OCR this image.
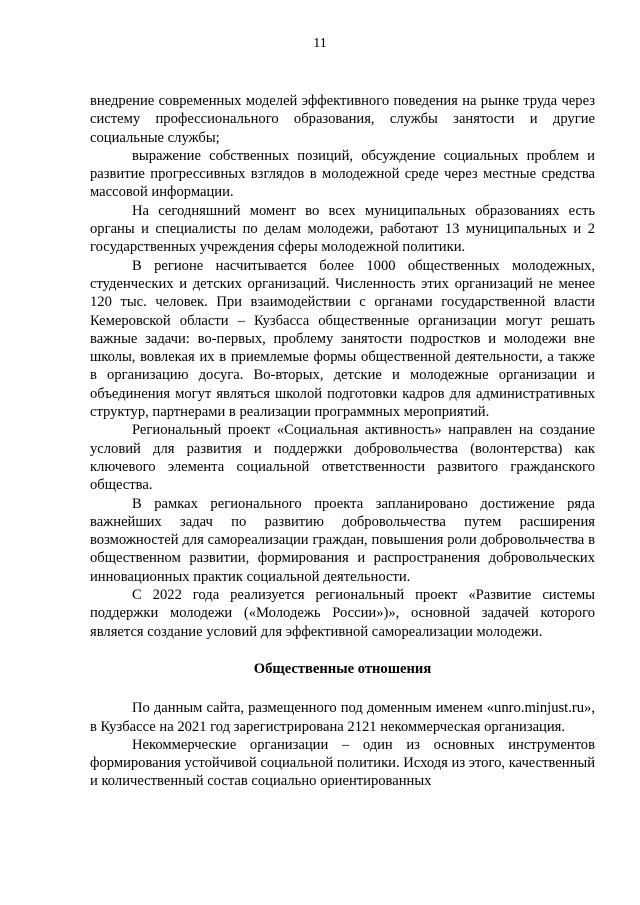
11

внедрение современных моделей эффективного поведения на рынке труда через систему профессионального образования, службы занятости и другие социальные службы;

выражение собственных позиций, обсуждение социальных проблем и развитие прогрессивных взглядов в молодежной среде через местные средства массовой информации.

На сегодняшний момент во всех муниципальных образованиях есть органы и специалисты по делам молодежи, работают 13 муниципальных и 2 государственных учреждения сферы молодежной политики.

В регионе насчитывается более 1000 общественных молодежных, студенческих и детских организаций. Численность этих организаций не менее 120 тыс. человек. При взаимодействии с органами государственной власти Кемеровской области – Кузбасса общественные организации могут решать важные задачи: во-первых, проблему занятости подростков и молодежи вне школы, вовлекая их в приемлемые формы общественной деятельности, а также в организацию досуга. Во-вторых, детские и молодежные организации и объединения могут являться школой подготовки кадров для административных структур, партнерами в реализации программных мероприятий.

Региональный проект «Социальная активность» направлен на создание условий для развития и поддержки добровольчества (волонтерства) как ключевого элемента социальной ответственности развитого гражданского общества.

В рамках регионального проекта запланировано достижение ряда важнейших задач по развитию добровольчества путем расширения возможностей для самореализации граждан, повышения роли добровольчества в общественном развитии, формирования и распространения добровольческих инновационных практик социальной деятельности.

С 2022 года реализуется региональный проект «Развитие системы поддержки молодежи («Молодежь России»)», основной задачей которого является создание условий для эффективной самореализации молодежи.

Общественные отношения

По данным сайта, размещенного под доменным именем «unro.minjust.ru», в Кузбассе на 2021 год зарегистрирована 2121 некоммерческая организация.

Некоммерческие организации – один из основных инструментов формирования устойчивой социальной политики. Исходя из этого, качественный и количественный состав социально ориентированных
